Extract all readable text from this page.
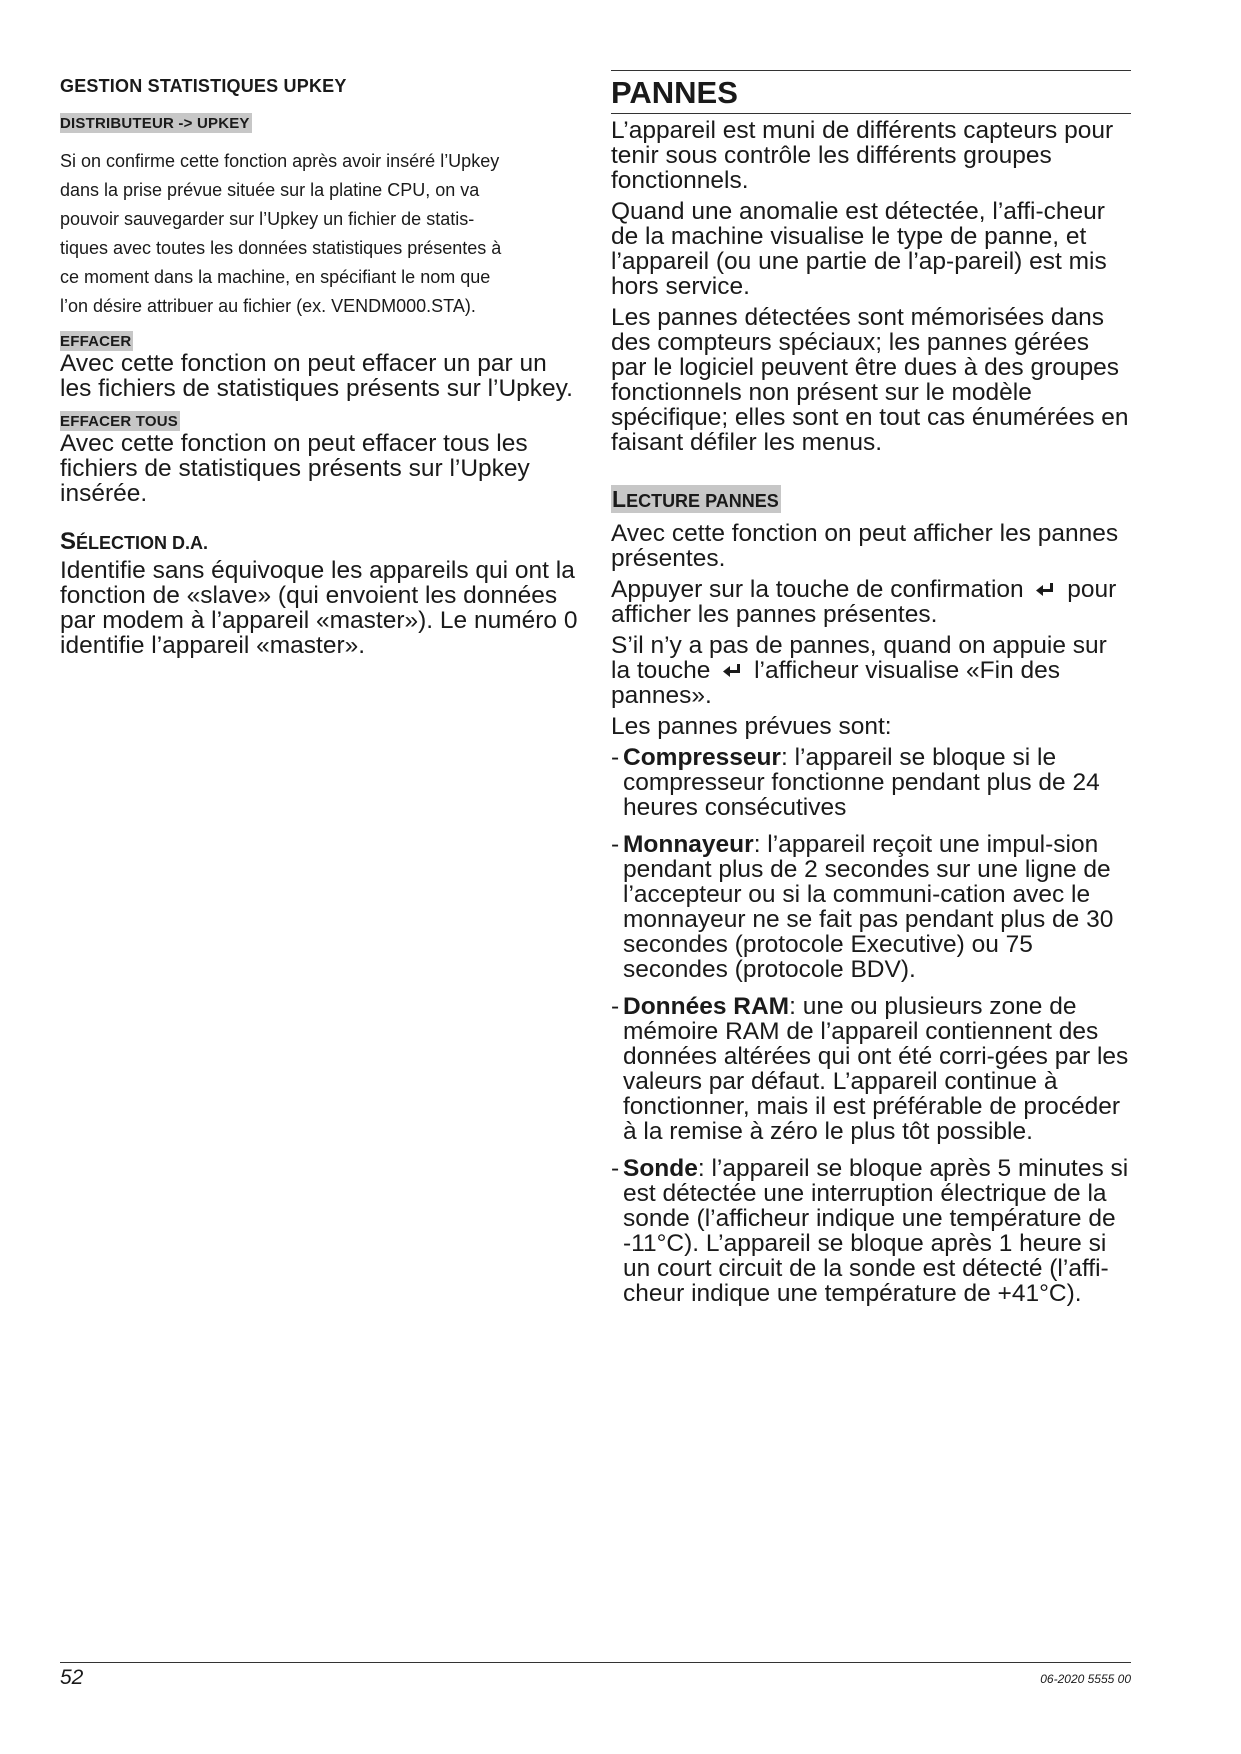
GESTION STATISTIQUES UPKEY
DISTRIBUTEUR -> UPKEY
Si on confirme cette fonction après avoir inséré l’Upkey
dans la prise prévue située sur la platine CPU, on va
pouvoir sauvegarder sur l’Upkey un fichier de statis-
tiques avec toutes les données statistiques présentes à
ce moment dans la machine, en spécifiant le nom que
l’on désire attribuer au fichier (ex. VENDM000.STA).
EFFACER

Avec cette fonction on peut effacer un par un les fichiers de statistiques présents sur l’Upkey.

EFFACER TOUS

Avec cette fonction on peut effacer tous les fichiers de statistiques présents sur l’Upkey insérée.

SÉLECTION D.A.

Identifie sans équivoque les appareils qui ont la fonction de «slave» (qui envoient les données par modem à l’appareil «master»). Le numéro 0 identifie l’appareil «master».

PANNES

L’appareil est muni de différents capteurs pour tenir sous contrôle les différents groupes fonctionnels.

Quand une anomalie est détectée, l’affi-cheur de la machine visualise le type de panne, et l’appareil (ou une partie de l’ap-pareil) est mis hors service.

Les pannes détectées sont mémorisées dans des compteurs spéciaux; les pannes gérées par le logiciel peuvent être dues à des groupes fonctionnels non présent sur le modèle spécifique; elles sont en tout cas énumérées en faisant défiler les menus.

LECTURE PANNES

Avec cette fonction on peut afficher les pannes présentes.

Appuyer sur la touche de confirmation pour afficher les pannes présentes.

S’il n’y a pas de pannes, quand on appuie sur la touche l’afficheur visualise «Fin des pannes».

Les pannes prévues sont:

- Compresseur: l’appareil se bloque si le compresseur fonctionne pendant plus de 24 heures consécutives
- Monnayeur: l’appareil reçoit une impul-sion pendant plus de 2 secondes sur une ligne de l’accepteur ou si la communi-cation avec le monnayeur ne se fait pas pendant plus de 30 secondes (protocole Executive) ou 75 secondes (protocole BDV).
- Données RAM: une ou plusieurs zone de mémoire RAM de l’appareil contiennent des données altérées qui ont été corri-gées par les valeurs par défaut. L’appareil continue à fonctionner, mais il est préférable de procéder à la remise à zéro le plus tôt possible.
- Sonde: l’appareil se bloque après 5 minutes si est détectée une interruption électrique de la sonde (l’afficheur indique une température de -11°C). L’appareil se bloque après 1 heure si un court circuit de la sonde est détecté (l’affi-cheur indique une température de +41°C).
52	06-2020 5555 00
